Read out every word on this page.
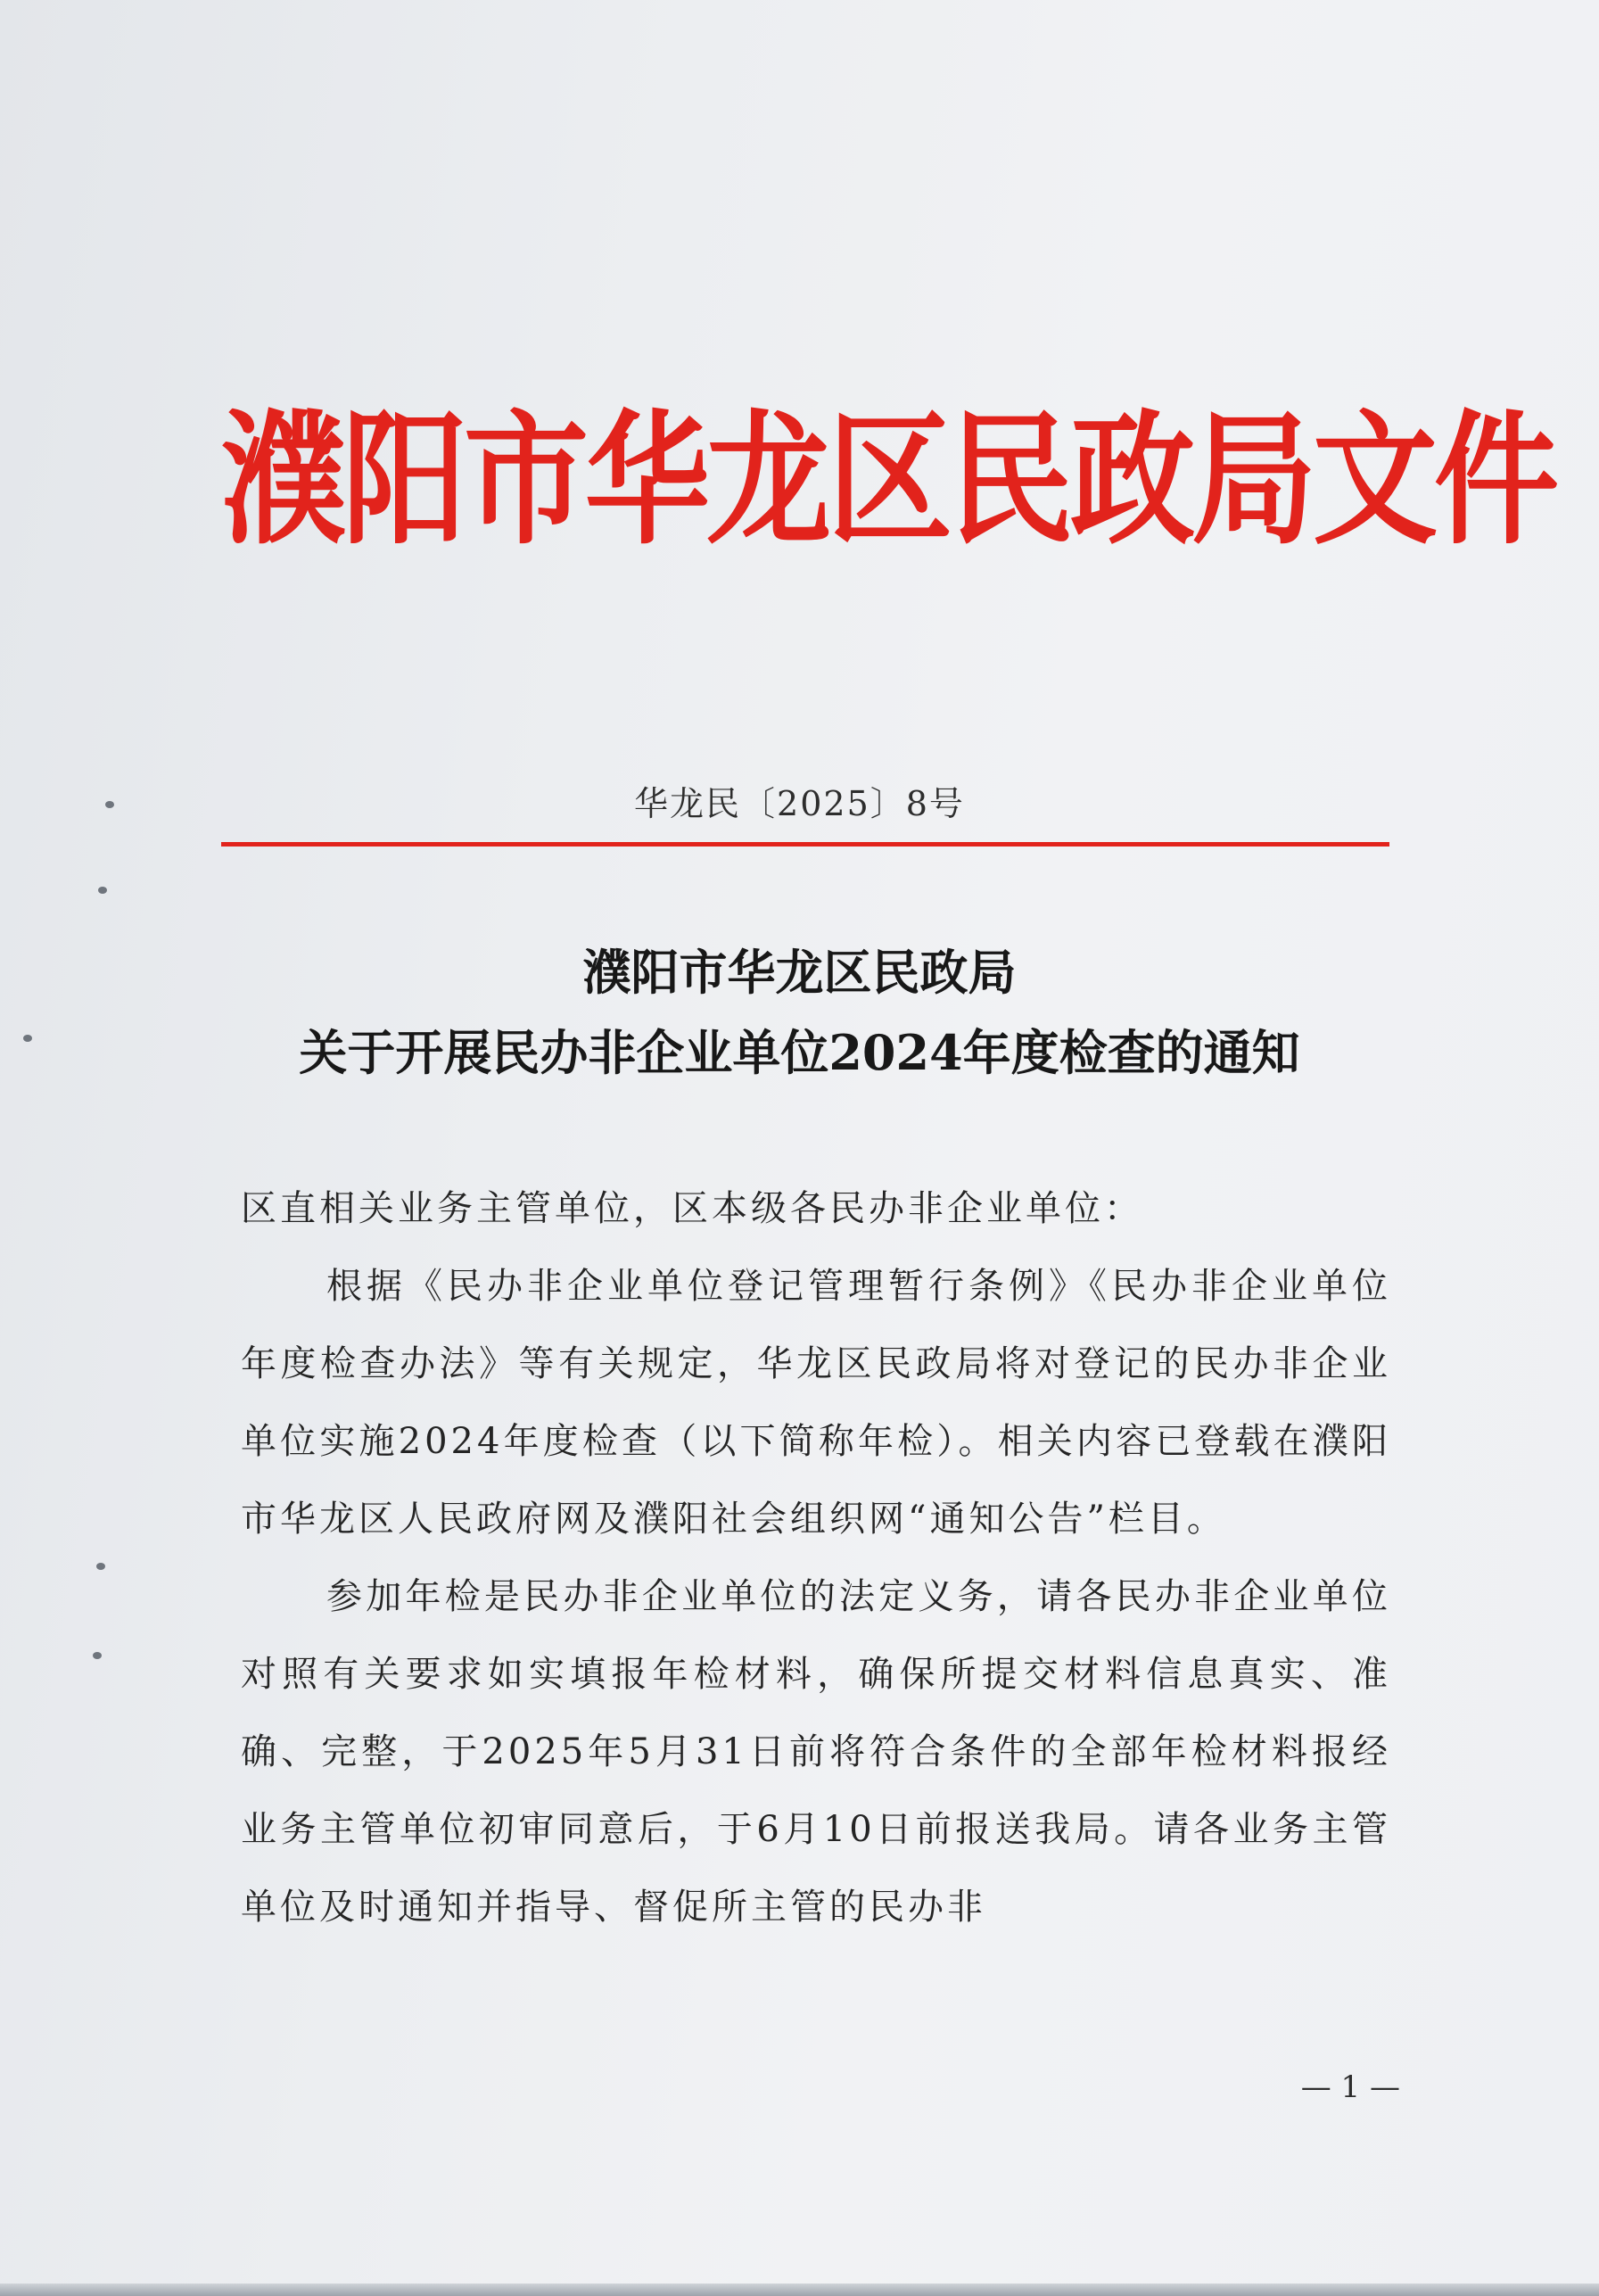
濮阳市华龙区民政局文件
华龙民〔2025〕8号
濮阳市华龙区民政局
关于开展民办非企业单位2024年度检查的通知

区直相关业务主管单位，区本级各民办非企业单位：

根据《民办非企业单位登记管理暂行条例》《民办非企业单位年度检查办法》等有关规定，华龙区民政局将对登记的民办非企业单位实施2024年度检查（以下简称年检）。相关内容已登载在濮阳市华龙区人民政府网及濮阳社会组织网“通知公告”栏目。

参加年检是民办非企业单位的法定义务，请各民办非企业单位对照有关要求如实填报年检材料，确保所提交材料信息真实、准确、完整，于2025年5月31日前将符合条件的全部年检材料报经业务主管单位初审同意后，于6月10日前报送我局。请各业务主管单位及时通知并指导、督促所主管的民办非

— 1 —
